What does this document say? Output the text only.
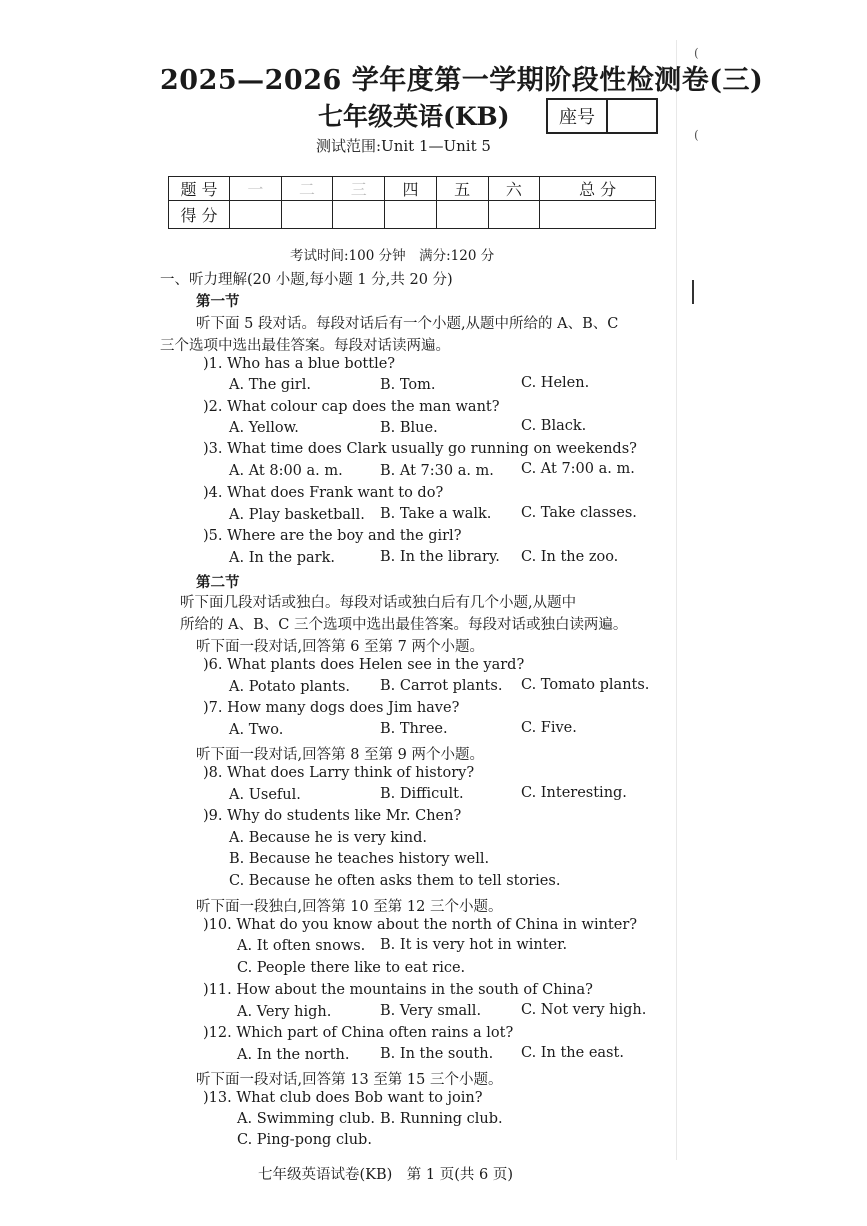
(
(
2025—2026 学年度第一学期阶段性检测卷(三)
七年级英语(KB)	座号
测试范围:Unit 1—Unit 5
题 号	一	二	三	四	五	六	总 分
得 分							
考试时间:100 分钟　满分:120 分
一、听力理解(20 小题,每小题 1 分,共 20 分)
第一节
听下面 5 段对话。每段对话后有一个小题,从题中所给的 A、B、C
三个选项中选出最佳答案。每段对话读两遍。
)1. Who has a blue bottle?
A. The girl.	B. Tom.	C. Helen.
)2. What colour cap does the man want?
A. Yellow.	B. Blue.	C. Black.
)3. What time does Clark usually go running on weekends?
A. At 8:00 a. m.	B. At 7:30 a. m. C. At 7:00 a. m.
)4. What does Frank want to do?
A. Play basketball. B. Take a walk. C. Take classes.
)5. Where are the boy and the girl?
A. In the park.	B. In the library. C. In the zoo.
第二节
听下面几段对话或独白。每段对话或独白后有几个小题,从题中
所给的 A、B、C 三个选项中选出最佳答案。每段对话或独白读两遍。
听下面一段对话,回答第 6 至第 7 两个小题。
)6. What plants does Helen see in the yard?
A. Potato plants. B. Carrot plants. C. Tomato plants.
)7. How many dogs does Jim have?
A. Two.	B. Three.	C. Five.
听下面一段对话,回答第 8 至第 9 两个小题。
)8. What does Larry think of history?
A. Useful.	B. Difficult.	C. Interesting.
)9. Why do students like Mr. Chen?
A. Because he is very kind.
B. Because he teaches history well.
C. Because he often asks them to tell stories.
听下面一段独白,回答第 10 至第 12 三个小题。
)10. What do you know about the north of China in winter?
A. It often snows. B. It is very hot in winter.
C. People there like to eat rice.
)11. How about the mountains in the south of China?
A. Very high.	B. Very small.	C. Not very high.
)12. Which part of China often rains a lot?
A. In the north. B. In the south. C. In the east.
听下面一段对话,回答第 13 至第 15 三个小题。
)13. What club does Bob want to join?
A. Swimming club. B. Running club.
C. Ping-pong club.
七年级英语试卷(KB)　第 1 页(共 6 页)
